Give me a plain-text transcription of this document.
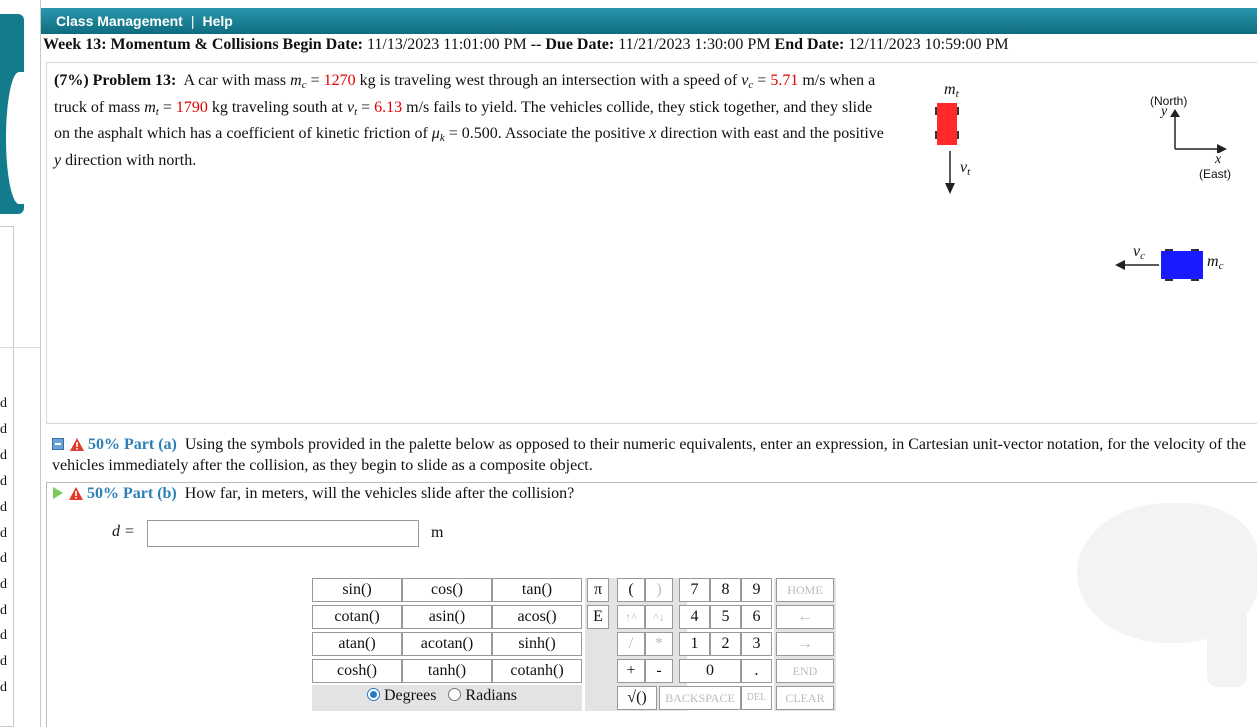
d
d
d
d
d
d
d
d
d
d
d
d
Class Management | Help
Week 13: Momentum & Collisions Begin Date: 11/13/2023 11:01:00 PM -- Due Date: 11/21/2023 1:30:00 PM End Date: 12/11/2023 10:59:00 PM
(7%) Problem 13: A car with mass $m_c = 1270$ kg is traveling west through an intersection with a speed of $v_c = 5.71$ m/s when a truck of mass $m_t = 1790$ kg traveling south at $v_t = 6.13$ m/s fails to yield. The vehicles collide, they stick together, and they slide on the asphalt which has a coefficient of kinetic friction of $\mu_k = 0.500$. Associate the positive x direction with east and the positive y direction with north.
$m_t$
$v_t$
(North)
y
x
(East)
$v_c$	$m_c$
50% Part (a) Using the symbols provided in the palette below as opposed to their numeric equivalents, enter an expression, in Cartesian unit-vector notation, for the velocity of the vehicles immediately after the collision, as they begin to slide as a composite object.
50% Part (b) How far, in meters, will the vehicles slide after the collision?
d =	m
sin()	cos()	tan()
cotan()	asin()	acos()
atan()	acotan()	sinh()
cosh()	tanh()	cotanh()
Degrees Radians
π
E
(	)
↑^	^↓
/	*
+	-
√()
7	8	9
4	5	6
1	2	3
0	.
BACKSPACE	DEL
HOME
←
→
END
CLEAR
